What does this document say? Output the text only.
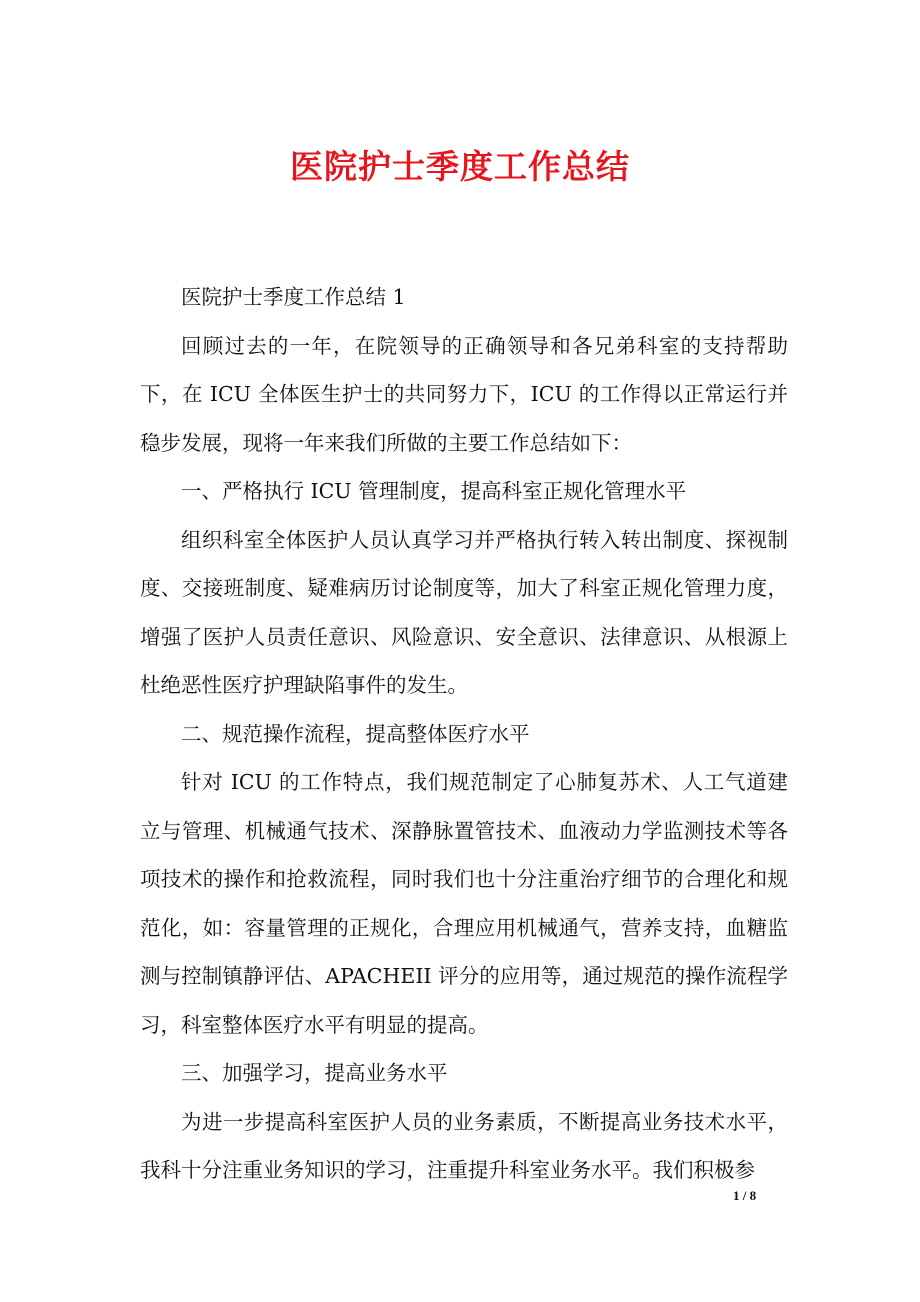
医院护士季度工作总结

医院护士季度工作总结 1

回顾过去的一年，在院领导的正确领导和各兄弟科室的支持帮助下，在 ICU 全体医生护士的共同努力下，ICU 的工作得以正常运行并稳步发展，现将一年来我们所做的主要工作总结如下：

一、严格执行 ICU 管理制度，提高科室正规化管理水平

组织科室全体医护人员认真学习并严格执行转入转出制度、探视制度、交接班制度、疑难病历讨论制度等，加大了科室正规化管理力度，增强了医护人员责任意识、风险意识、安全意识、法律意识、从根源上杜绝恶性医疗护理缺陷事件的发生。

二、规范操作流程，提高整体医疗水平

针对 ICU 的工作特点，我们规范制定了心肺复苏术、人工气道建立与管理、机械通气技术、深静脉置管技术、血液动力学监测技术等各项技术的操作和抢救流程，同时我们也十分注重治疗细节的合理化和规范化，如：容量管理的正规化，合理应用机械通气，营养支持，血糖监测与控制镇静评估、APACHEII 评分的应用等，通过规范的操作流程学习，科室整体医疗水平有明显的提高。

三、加强学习，提高业务水平

为进一步提高科室医护人员的业务素质，不断提高业务技术水平，我科十分注重业务知识的学习，注重提升科室业务水平。我们积极参

1 / 8
